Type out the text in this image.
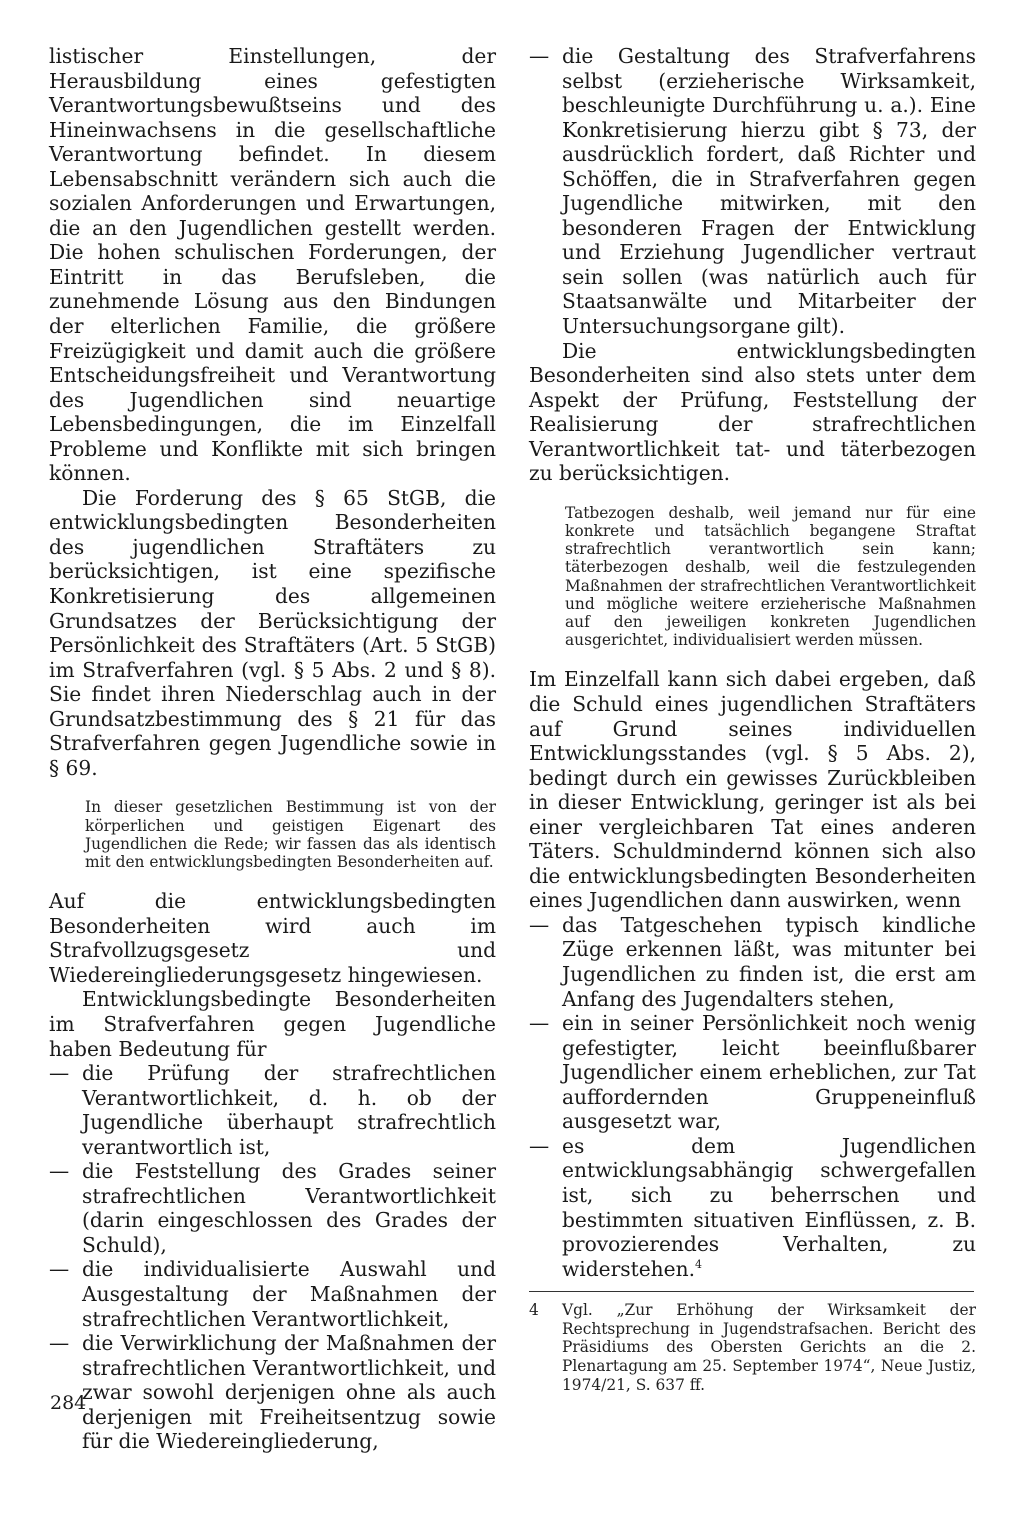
listischer Einstellungen, der Herausbildung eines gefestigten Verantwortungsbewußtseins und des Hineinwachsens in die gesellschaftliche Verantwortung befindet. In diesem Lebensabschnitt verändern sich auch die sozialen Anforderungen und Erwartungen, die an den Jugendlichen gestellt werden. Die hohen schulischen Forderungen, der Eintritt in das Berufsleben, die zunehmende Lösung aus den Bindungen der elterlichen Familie, die größere Freizügigkeit und damit auch die größere Entscheidungsfreiheit und Verantwortung des Jugendlichen sind neuartige Lebensbedingungen, die im Einzelfall Probleme und Konflikte mit sich bringen können.

Die Forderung des § 65 StGB, die entwicklungsbedingten Besonderheiten des jugendlichen Straftäters zu berücksichtigen, ist eine spezifische Konkretisierung des allgemeinen Grundsatzes der Berücksichtigung der Persönlichkeit des Straftäters (Art. 5 StGB) im Strafverfahren (vgl. § 5 Abs. 2 und § 8). Sie findet ihren Niederschlag auch in der Grundsatzbestimmung des § 21 für das Strafverfahren gegen Jugendliche sowie in § 69.

In dieser gesetzlichen Bestimmung ist von der körperlichen und geistigen Eigenart des Jugendlichen die Rede; wir fassen das als identisch mit den entwicklungsbedingten Besonderheiten auf.

Auf die entwicklungsbedingten Besonderheiten wird auch im Strafvollzugsgesetz und Wiedereingliederungsgesetz hingewiesen.

Entwicklungsbedingte Besonderheiten im Strafverfahren gegen Jugendliche haben Bedeutung für

— die Prüfung der strafrechtlichen Verantwortlichkeit, d. h. ob der Jugendliche überhaupt strafrechtlich verantwortlich ist,
— die Feststellung des Grades seiner strafrechtlichen Verantwortlichkeit (darin eingeschlossen des Grades der Schuld),
— die individualisierte Auswahl und Ausgestaltung der Maßnahmen der strafrechtlichen Verantwortlichkeit,
— die Verwirklichung der Maßnahmen der strafrechtlichen Verantwortlichkeit, und zwar sowohl derjenigen ohne als auch derjenigen mit Freiheitsentzug sowie für die Wiedereingliederung,
— die Gestaltung des Strafverfahrens selbst (erzieherische Wirksamkeit, beschleunigte Durchführung u. a.). Eine Konkretisierung hierzu gibt § 73, der ausdrücklich fordert, daß Richter und Schöffen, die in Strafverfahren gegen Jugendliche mitwirken, mit den besonderen Fragen der Entwicklung und Erziehung Jugendlicher vertraut sein sollen (was natürlich auch für Staatsanwälte und Mitarbeiter der Untersuchungsorgane gilt).

Die entwicklungsbedingten Besonderheiten sind also stets unter dem Aspekt der Prüfung, Feststellung der Realisierung der strafrechtlichen Verantwortlichkeit tat- und täterbezogen zu berücksichtigen.

Tatbezogen deshalb, weil jemand nur für eine konkrete und tatsächlich begangene Straftat strafrechtlich verantwortlich sein kann; täterbezogen deshalb, weil die festzulegenden Maßnahmen der strafrechtlichen Verantwortlichkeit und mögliche weitere erzieherische Maßnahmen auf den jeweiligen konkreten Jugendlichen ausgerichtet, individualisiert werden müssen.

Im Einzelfall kann sich dabei ergeben, daß die Schuld eines jugendlichen Straftäters auf Grund seines individuellen Entwicklungsstandes (vgl. § 5 Abs. 2), bedingt durch ein gewisses Zurückbleiben in dieser Entwicklung, geringer ist als bei einer vergleichbaren Tat eines anderen Täters. Schuldmindernd können sich also die entwicklungsbedingten Besonderheiten eines Jugendlichen dann auswirken, wenn

— das Tatgeschehen typisch kindliche Züge erkennen läßt, was mitunter bei Jugendlichen zu finden ist, die erst am Anfang des Jugendalters stehen,
— ein in seiner Persönlichkeit noch wenig gefestigter, leicht beeinflußbarer Jugendlicher einem erheblichen, zur Tat auffordernden Gruppeneinfluß ausgesetzt war,
— es dem Jugendlichen entwicklungsabhängig schwergefallen ist, sich zu beherrschen und bestimmten situativen Einflüssen, z. B. provozierendes Verhalten, zu widerstehen.$^4$
4	Vgl. „Zur Erhöhung der Wirksamkeit der Rechtsprechung in Jugendstrafsachen. Bericht des Präsidiums des Obersten Gerichts an die 2. Plenartagung am 25. September 1974“, Neue Justiz, 1974/21, S. 637 ff.
284
